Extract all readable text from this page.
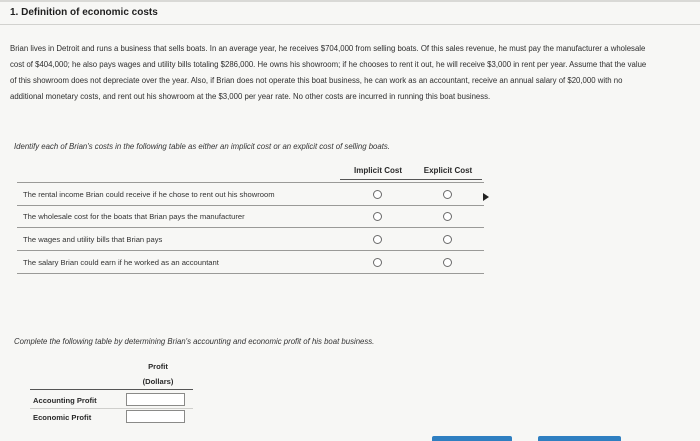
1. Definition of economic costs
Brian lives in Detroit and runs a business that sells boats. In an average year, he receives $704,000 from selling boats. Of this sales revenue, he must pay the manufacturer a wholesale cost of $404,000; he also pays wages and utility bills totaling $286,000. He owns his showroom; if he chooses to rent it out, he will receive $3,000 in rent per year. Assume that the value of this showroom does not depreciate over the year. Also, if Brian does not operate this boat business, he can work as an accountant, receive an annual salary of $20,000 with no additional monetary costs, and rent out his showroom at the $3,000 per year rate. No other costs are incurred in running this boat business.
Identify each of Brian's costs in the following table as either an implicit cost or an explicit cost of selling boats.
Implicit Cost	Explicit Cost
The rental income Brian could receive if he chose to rent out his showroom
The wholesale cost for the boats that Brian pays the manufacturer
The wages and utility bills that Brian pays
The salary Brian could earn if he worked as an accountant
Complete the following table by determining Brian's accounting and economic profit of his boat business.
Profit
(Dollars)
Accounting Profit
Economic Profit
